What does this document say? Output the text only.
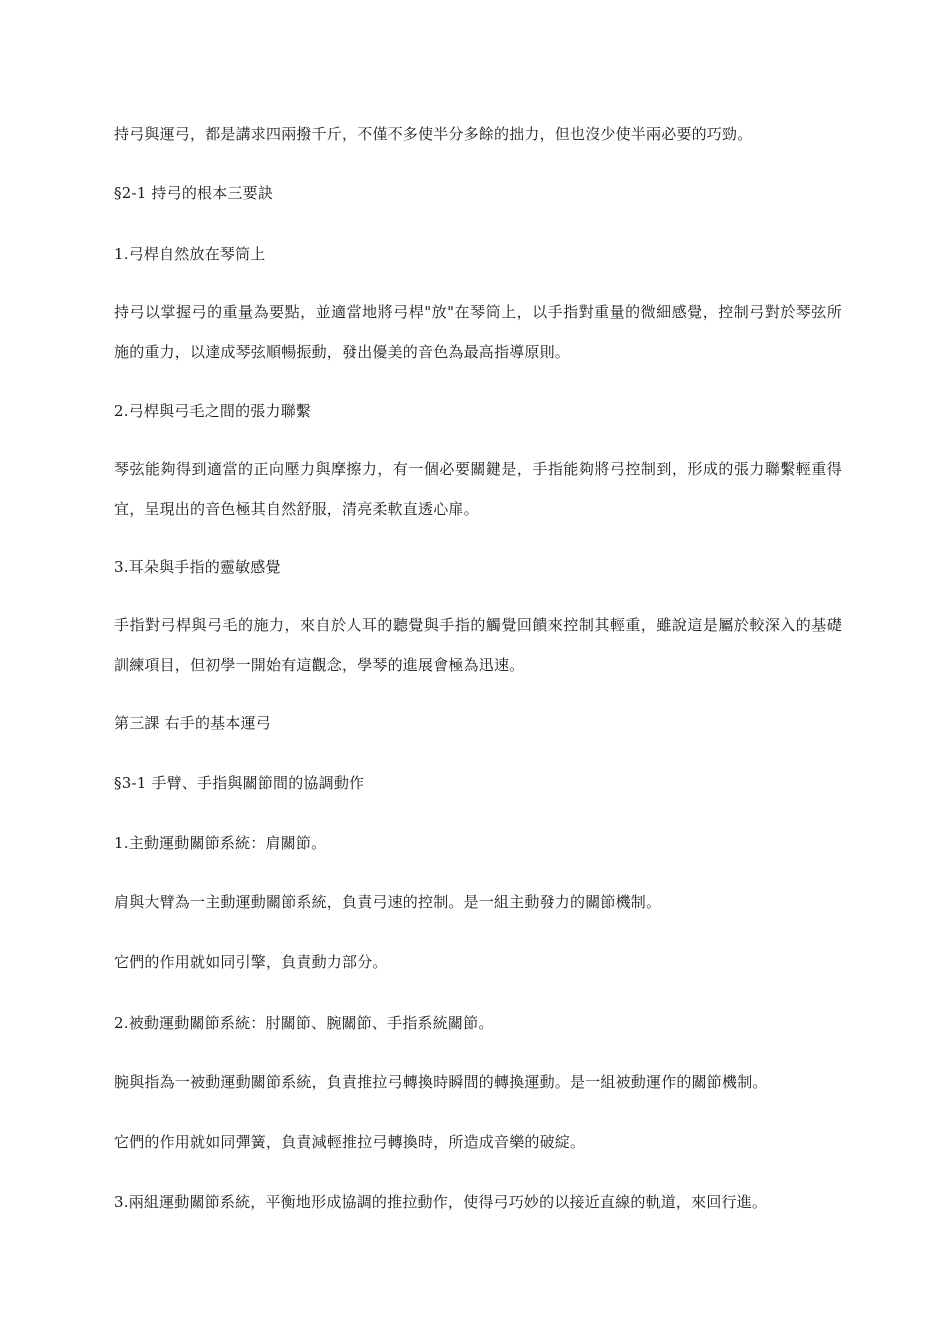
持弓與運弓，都是講求四兩撥千斤，不僅不多使半分多餘的拙力，但也沒少使半兩必要的巧勁。
§2-1 持弓的根本三要訣
1.弓桿自然放在琴筒上
持弓以掌握弓的重量為要點，並適當地將弓桿"放"在琴筒上，以手指對重量的微細感覺，控制弓對於琴弦所施的重力，以達成琴弦順暢振動，發出優美的音色為最高指導原則。
2.弓桿與弓毛之間的張力聯繫
琴弦能夠得到適當的正向壓力與摩擦力，有一個必要關鍵是，手指能夠將弓控制到，形成的張力聯繫輕重得宜，呈現出的音色極其自然舒服，清亮柔軟直透心扉。
3.耳朵與手指的靈敏感覺
手指對弓桿與弓毛的施力，來自於人耳的聽覺與手指的觸覺回饋來控制其輕重，雖說這是屬於較深入的基礎訓練項目，但初學一開始有這觀念，學琴的進展會極為迅速。
第三課 右手的基本運弓
§3-1 手臂、手指與關節間的協調動作
1.主動運動關節系統：肩關節。
肩與大臂為一主動運動關節系統，負責弓速的控制。是一組主動發力的關節機制。
它們的作用就如同引擎，負責動力部分。
2.被動運動關節系統：肘關節、腕關節、手指系統關節。
腕與指為一被動運動關節系統，負責推拉弓轉換時瞬間的轉換運動。是一組被動運作的關節機制。
它們的作用就如同彈簧，負責減輕推拉弓轉換時，所造成音樂的破綻。
3.兩組運動關節系統，平衡地形成協調的推拉動作，使得弓巧妙的以接近直線的軌道，來回行進。
